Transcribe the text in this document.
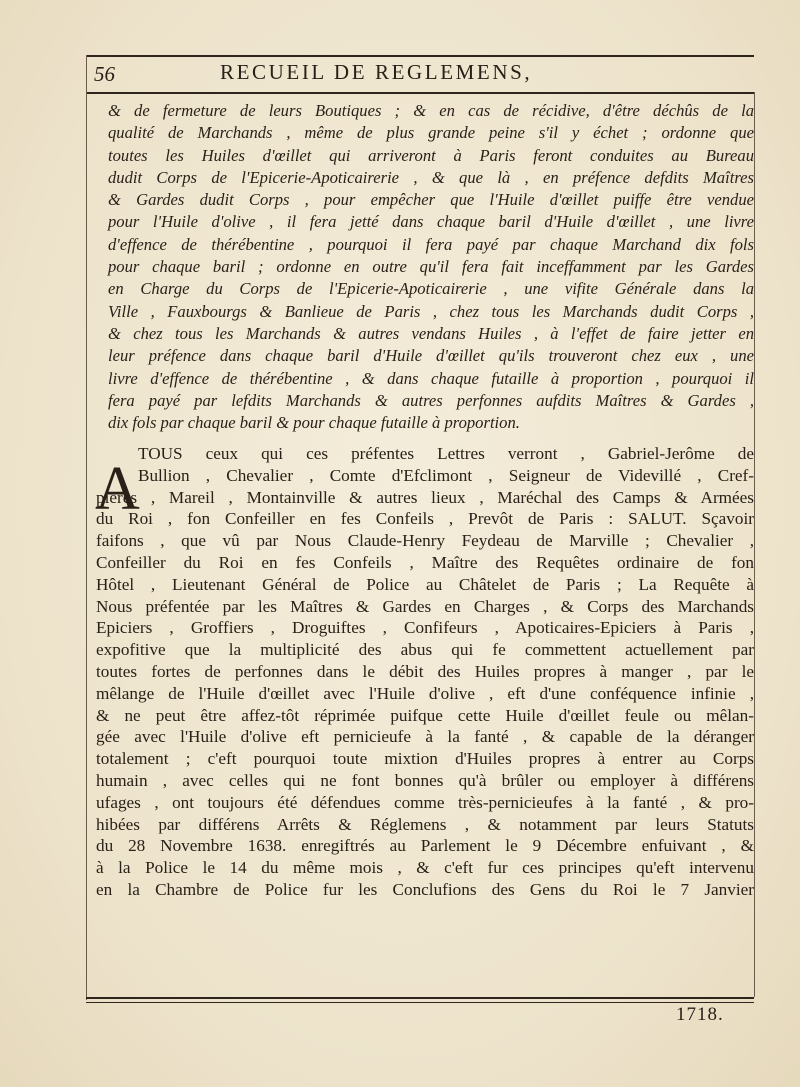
56	RECUEIL DE REGLEMENS,
& de fermeture de leurs Boutiques ; & en cas de récidive, d'être déchûs de la
qualité de Marchands , même de plus grande peine s'il y échet ; ordonne que
toutes les Huiles d'œillet qui arriveront à Paris feront conduites au Bureau
dudit Corps de l'Epicerie-Apoticairerie , & que là , en préfence defdits Maîtres
& Gardes dudit Corps , pour empêcher que l'Huile d'œillet puiffe être vendue
pour l'Huile d'olive , il fera jetté dans chaque baril d'Huile d'œillet , une livre
d'effence de thérébentine , pourquoi il fera payé par chaque Marchand dix fols
pour chaque baril ; ordonne en outre qu'il fera fait inceffamment par les Gardes
en Charge du Corps de l'Epicerie-Apoticairerie , une vifite Générale dans la
Ville , Fauxbourgs & Banlieue de Paris , chez tous les Marchands dudit Corps ,
& chez tous les Marchands & autres vendans Huiles , à l'effet de faire jetter en
leur préfence dans chaque baril d'Huile d'œillet qu'ils trouveront chez eux , une
livre d'effence de thérébentine , & dans chaque futaille à proportion , pourquoi il
fera payé par lefdits Marchands & autres perfonnes aufdits Maîtres & Gardes ,
dix fols par chaque baril & pour chaque futaille à proportion.
A
TOUS ceux qui ces préfentes Lettres verront , Gabriel-Jerôme de
Bullion , Chevalier , Comte d'Efclimont , Seigneur de Videvillé , Cref-
pieres , Mareil , Montainville & autres lieux , Maréchal des Camps & Armées
du Roi , fon Confeiller en fes Confeils , Prevôt de Paris : SALUT. Sçavoir
faifons , que vû par Nous Claude-Henry Feydeau de Marville ; Chevalier ,
Confeiller du Roi en fes Confeils , Maître des Requêtes ordinaire de fon
Hôtel , Lieutenant Général de Police au Châtelet de Paris ; La Requête à
Nous préfentée par les Maîtres & Gardes en Charges , & Corps des Marchands
Epiciers , Groffiers , Droguiftes , Confifeurs , Apoticaires-Epiciers à Paris ,
expofitive que la multiplicité des abus qui fe commettent actuellement par
toutes fortes de perfonnes dans le débit des Huiles propres à manger , par le
mêlange de l'Huile d'œillet avec l'Huile d'olive , eft d'une conféquence infinie ,
& ne peut être affez-tôt réprimée puifque cette Huile d'œillet feule ou mêlan-
gée avec l'Huile d'olive eft pernicieufe à la fanté , & capable de la déranger
totalement ; c'eft pourquoi toute mixtion d'Huiles propres à entrer au Corps
humain , avec celles qui ne font bonnes qu'à brûler ou employer à différens
ufages , ont toujours été défendues comme très-pernicieufes à la fanté , & pro-
hibées par différens Arrêts & Réglemens , & notamment par leurs Statuts
du 28 Novembre 1638. enregiftrés au Parlement le 9 Décembre enfuivant , &
à la Police le 14 du même mois , & c'eft fur ces principes qu'eft intervenu
en la Chambre de Police fur les Conclufions des Gens du Roi le 7 Janvier
1718.
